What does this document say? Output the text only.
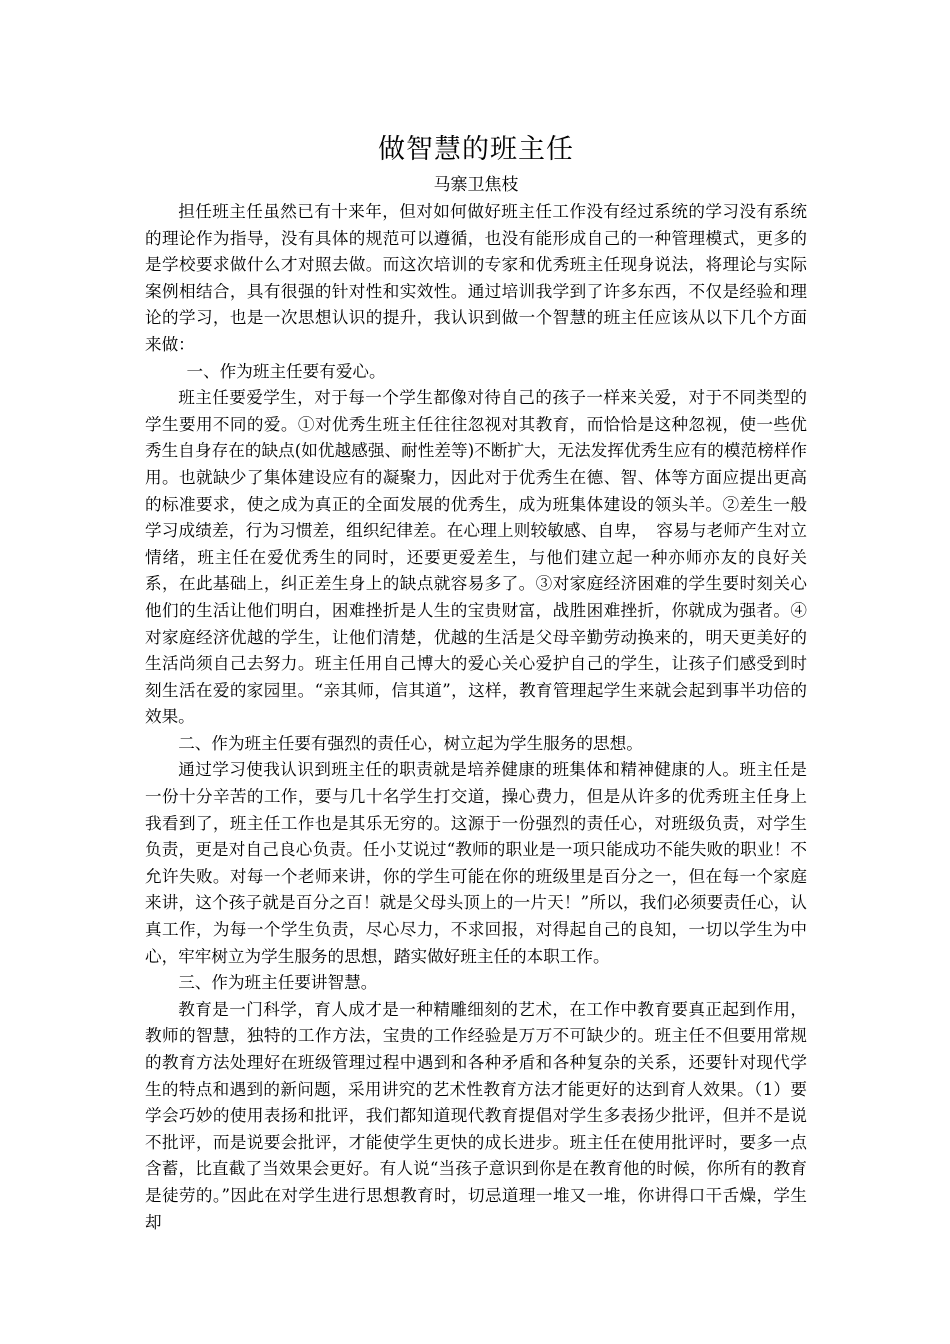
做智慧的班主任

马寨卫焦枝

担任班主任虽然已有十来年，但对如何做好班主任工作没有经过系统的学习没有系统的理论作为指导，没有具体的规范可以遵循，也没有能形成自己的一种管理模式，更多的是学校要求做什么才对照去做。而这次培训的专家和优秀班主任现身说法，将理论与实际案例相结合，具有很强的针对性和实效性。通过培训我学到了许多东西，不仅是经验和理论的学习，也是一次思想认识的提升，我认识到做一个智慧的班主任应该从以下几个方面来做：

一、作为班主任要有爱心。

班主任要爱学生，对于每一个学生都像对待自己的孩子一样来关爱，对于不同类型的学生要用不同的爱。①对优秀生班主任往往忽视对其教育，而恰恰是这种忽视，使一些优秀生自身存在的缺点(如优越感强、耐性差等)不断扩大，无法发挥优秀生应有的模范榜样作用。也就缺少了集体建设应有的凝聚力，因此对于优秀生在德、智、体等方面应提出更高的标准要求，使之成为真正的全面发展的优秀生，成为班集体建设的领头羊。②差生一般学习成绩差，行为习惯差，组织纪律差。在心理上则较敏感、自卑，　容易与老师产生对立情绪，班主任在爱优秀生的同时，还要更爱差生，与他们建立起一种亦师亦友的良好关系，在此基础上，纠正差生身上的缺点就容易多了。③对家庭经济困难的学生要时刻关心他们的生活让他们明白，困难挫折是人生的宝贵财富，战胜困难挫折，你就成为强者。④对家庭经济优越的学生，让他们清楚，优越的生活是父母辛勤劳动换来的，明天更美好的生活尚须自己去努力。班主任用自己博大的爱心关心爱护自己的学生，让孩子们感受到时刻生活在爱的家园里。“亲其师，信其道”，这样，教育管理起学生来就会起到事半功倍的效果。

二、作为班主任要有强烈的责任心，树立起为学生服务的思想。

通过学习使我认识到班主任的职责就是培养健康的班集体和精神健康的人。班主任是一份十分辛苦的工作，要与几十名学生打交道，操心费力，但是从许多的优秀班主任身上我看到了，班主任工作也是其乐无穷的。这源于一份强烈的责任心，对班级负责，对学生负责，更是对自己良心负责。任小艾说过“教师的职业是一项只能成功不能失败的职业！不允许失败。对每一个老师来讲，你的学生可能在你的班级里是百分之一，但在每一个家庭来讲，这个孩子就是百分之百！就是父母头顶上的一片天！”所以，我们必须要责任心，认真工作，为每一个学生负责，尽心尽力，不求回报，对得起自己的良知，一切以学生为中心，牢牢树立为学生服务的思想，踏实做好班主任的本职工作。

三、作为班主任要讲智慧。

教育是一门科学，育人成才是一种精雕细刻的艺术，在工作中教育要真正起到作用，教师的智慧，独特的工作方法，宝贵的工作经验是万万不可缺少的。班主任不但要用常规的教育方法处理好在班级管理过程中遇到和各种矛盾和各种复杂的关系，还要针对现代学生的特点和遇到的新问题，采用讲究的艺术性教育方法才能更好的达到育人效果。（1）要学会巧妙的使用表扬和批评，我们都知道现代教育提倡对学生多表扬少批评，但并不是说不批评，而是说要会批评，才能使学生更快的成长进步。班主任在使用批评时，要多一点含蓄，比直截了当效果会更好。有人说“当孩子意识到你是在教育他的时候，你所有的教育是徒劳的。”因此在对学生进行思想教育时，切忌道理一堆又一堆，你讲得口干舌燥，学生却
